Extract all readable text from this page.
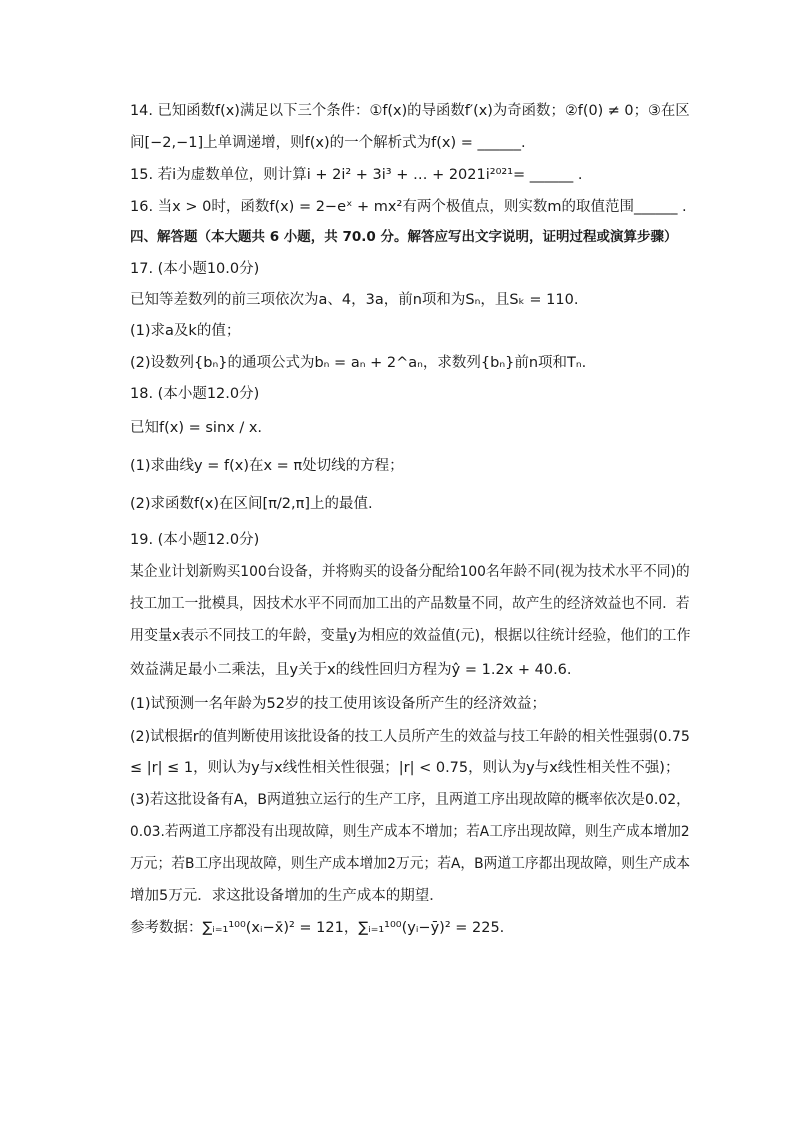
14. 已知函数f(x)满足以下三个条件：①f(x)的导函数f′(x)为奇函数；②f(0) ≠ 0；③在区
间[−2,−1]上单调递增，则f(x)的一个解析式为f(x) = ______.
15. 若i为虚数单位，则计算i + 2i² + 3i³ + … + 2021i²⁰²¹= ______ .
16. 当x > 0时，函数f(x) = 2−eˣ + mx²有两个极值点，则实数m的取值范围______ .
四、解答题（本大题共 6 小题，共 70.0 分。解答应写出文字说明，证明过程或演算步骤）
17. (本小题10.0分)
已知等差数列的前三项依次为a、4，3a，前n项和为Sₙ，且Sₖ = 110.
(1)求a及k的值；
(2)设数列{bₙ}的通项公式为bₙ = aₙ + 2^aₙ，求数列{bₙ}前n项和Tₙ.
18. (本小题12.0分)
已知f(x) = sinx / x.
(1)求曲线y = f(x)在x = π处切线的方程；
(2)求函数f(x)在区间[π/2,π]上的最值.
19. (本小题12.0分)
某企业计划新购买100台设备，并将购买的设备分配给100名年龄不同(视为技术水平不同)的
技工加工一批模具，因技术水平不同而加工出的产品数量不同，故产生的经济效益也不同．若
用变量x表示不同技工的年龄，变量y为相应的效益值(元)，根据以往统计经验，他们的工作
效益满足最小二乘法，且y关于x的线性回归方程为ŷ = 1.2x + 40.6.
(1)试预测一名年龄为52岁的技工使用该设备所产生的经济效益；
(2)试根据r的值判断使用该批设备的技工人员所产生的效益与技工年龄的相关性强弱(0.75
≤ |r| ≤ 1，则认为y与x线性相关性很强；|r| < 0.75，则认为y与x线性相关性不强)；
(3)若这批设备有A，B两道独立运行的生产工序，且两道工序出现故障的概率依次是0.02，
0.03.若两道工序都没有出现故障，则生产成本不增加；若A工序出现故障，则生产成本增加2
万元；若B工序出现故障，则生产成本增加2万元；若A，B两道工序都出现故障，则生产成本
增加5万元．求这批设备增加的生产成本的期望．
参考数据：∑ᵢ₌₁¹⁰⁰(xᵢ−x̄)² = 121，∑ᵢ₌₁¹⁰⁰(yᵢ−ȳ)² = 225.
